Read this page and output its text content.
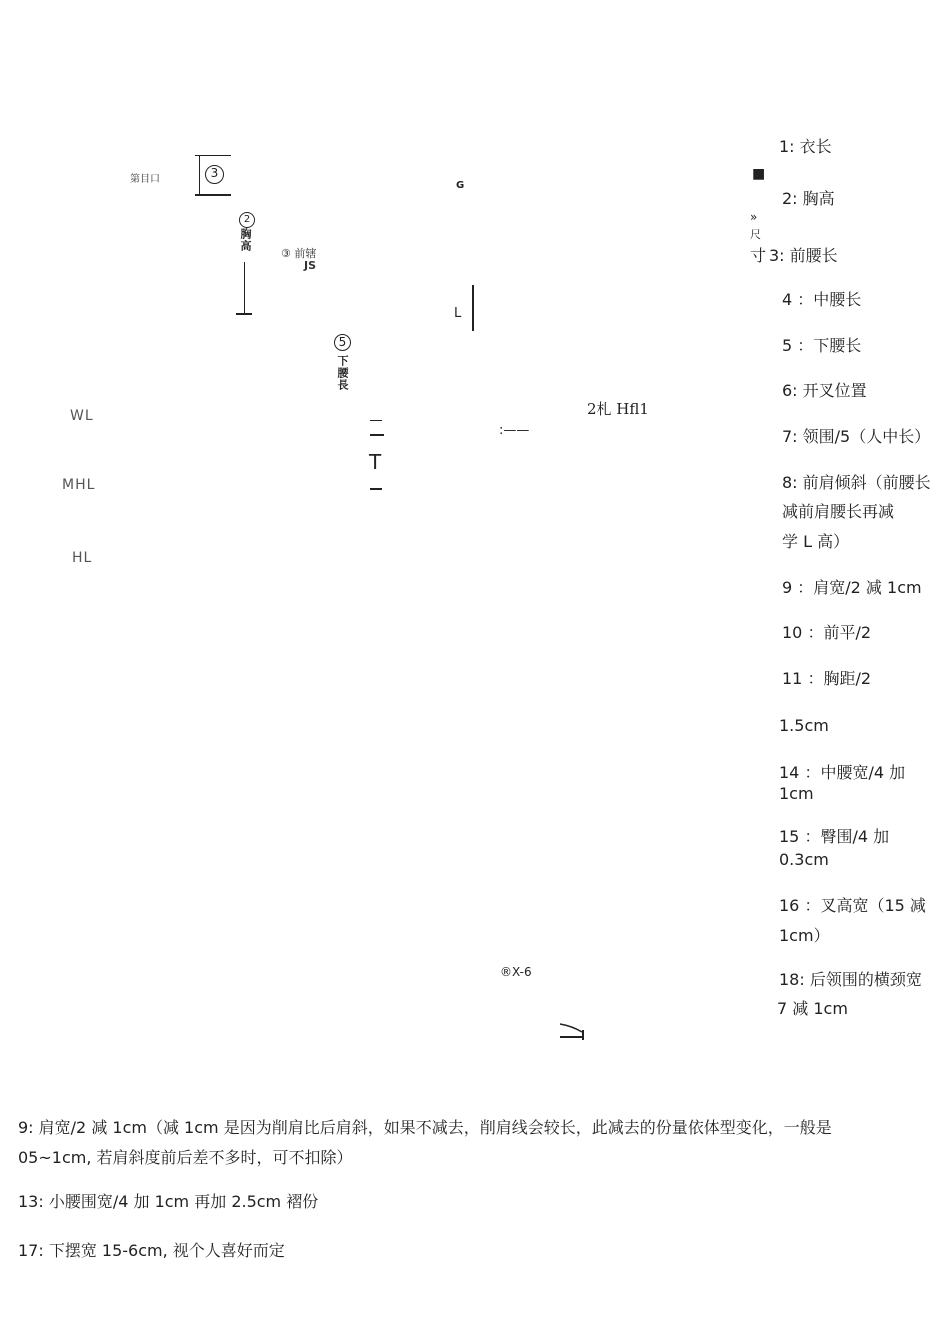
第目口	3
2
胸高
③ 前辖
JS
5
下腰長
WL
MHL
HL
T
G
L
:——
2札 Hfl1
®X-6
■
»
尺
寸
1: 衣长
2: 胸高
3: 前腰长
4 ：中腰长
5 ：下腰长
6: 开叉位置
7: 领围/5（人中长）
8: 前肩倾斜（前腰长
减前肩腰长再减
学 L 高）
9 ：肩宽/2 减 1cm
10 ：前平/2
11 ：胸距/2
1.5cm
14 ：中腰宽/4 加
1cm
15 ：臀围/4 加
0.3cm
16 ：叉高宽（15 减
1cm）
18: 后领围的横颈宽
7 减 1cm
9: 肩宽/2 减 1cm（减 1cm 是因为削肩比后肩斜，如果不减去，削肩线会较长，此减去的份量依体型变化，一般是
05~1cm, 若肩斜度前后差不多时，可不扣除）
13: 小腰围宽/4 加 1cm 再加 2.5cm 褶份
17: 下摆宽 15-6cm, 视个人喜好而定
